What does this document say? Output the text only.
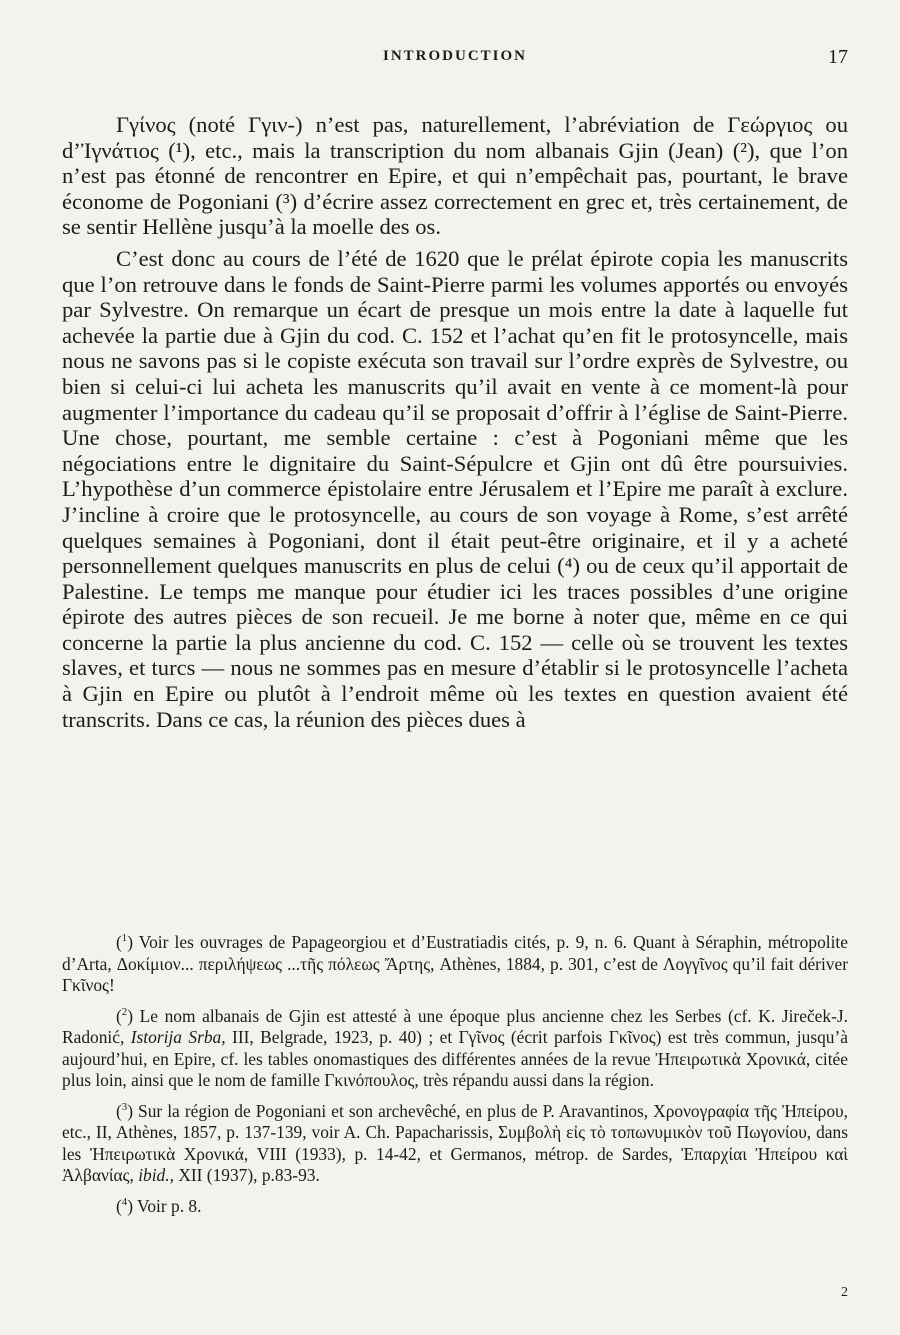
INTRODUCTION	17

Γγίνος (noté Γγιν-) n’est pas, naturellement, l’abréviation de Γεώργιος ou d’Ἰγνάτιος (¹), etc., mais la transcription du nom albanais Gjin (Jean) (²), que l’on n’est pas étonné de rencontrer en Epire, et qui n’empêchait pas, pourtant, le brave économe de Pogoniani (³) d’écrire assez correctement en grec et, très certainement, de se sentir Hellène jusqu’à la moelle des os.

C’est donc au cours de l’été de 1620 que le prélat épirote copia les manuscrits que l’on retrouve dans le fonds de Saint-Pierre parmi les volumes apportés ou envoyés par Sylvestre. On remarque un écart de presque un mois entre la date à laquelle fut achevée la partie due à Gjin du cod. C. 152 et l’achat qu’en fit le protosyncelle, mais nous ne savons pas si le copiste exécuta son travail sur l’ordre exprès de Sylvestre, ou bien si celui-ci lui acheta les manuscrits qu’il avait en vente à ce moment-là pour augmenter l’importance du cadeau qu’il se proposait d’offrir à l’église de Saint-Pierre. Une chose, pourtant, me semble certaine : c’est à Pogoniani même que les négociations entre le dignitaire du Saint-Sépulcre et Gjin ont dû être poursuivies. L’hypothèse d’un commerce épistolaire entre Jérusalem et l’Epire me paraît à exclure. J’incline à croire que le protosyncelle, au cours de son voyage à Rome, s’est arrêté quelques semaines à Pogoniani, dont il était peut-être originaire, et il y a acheté personnellement quelques manuscrits en plus de celui (⁴) ou de ceux qu’il apportait de Palestine. Le temps me manque pour étudier ici les traces possibles d’une origine épirote des autres pièces de son recueil. Je me borne à noter que, même en ce qui concerne la partie la plus ancienne du cod. C. 152 — celle où se trouvent les textes slaves, et turcs — nous ne sommes pas en mesure d’établir si le protosyncelle l’acheta à Gjin en Epire ou plutôt à l’endroit même où les textes en question avaient été transcrits. Dans ce cas, la réunion des pièces dues à

($^1$) Voir les ouvrages de Papageorgiou et d’Eustratiadis cités, p. 9, n. 6. Quant à Séraphin, métropolite d’Arta, Δοκίμιον... περιλήψεως ...τῆς πόλεως Ἄρτης, Athènes, 1884, p. 301, c’est de Λογγῖνος qu’il fait dériver Γκῖνος!

($^2$) Le nom albanais de Gjin est attesté à une époque plus ancienne chez les Serbes (cf. K. Jireček-J. Radonić, Istorija Srba, III, Belgrade, 1923, p. 40) ; et Γγῖνος (écrit parfois Γκῖνος) est très commun, jusqu’à aujourd’hui, en Epire, cf. les tables onomastiques des différentes années de la revue Ἠπειρωτικὰ Χρονικά, citée plus loin, ainsi que le nom de famille Γκινόπουλος, très répandu aussi dans la région.

($^3$) Sur la région de Pogoniani et son archevêché, en plus de P. Aravantinos, Χρονογραφία τῆς Ἠπείρου, etc., II, Athènes, 1857, p. 137-139, voir A. Ch. Papacharissis, Συμβολὴ εἰς τὸ τοπωνυμικὸν τοῦ Πωγονίου, dans les Ἠπειρωτικὰ Χρονικά, VIII (1933), p. 14-42, et Germanos, métrop. de Sardes, Ἐπαρχίαι Ἠπείρου καὶ Ἀλβανίας, ibid., XII (1937), p.83-93.

($^4$) Voir p. 8.

2
